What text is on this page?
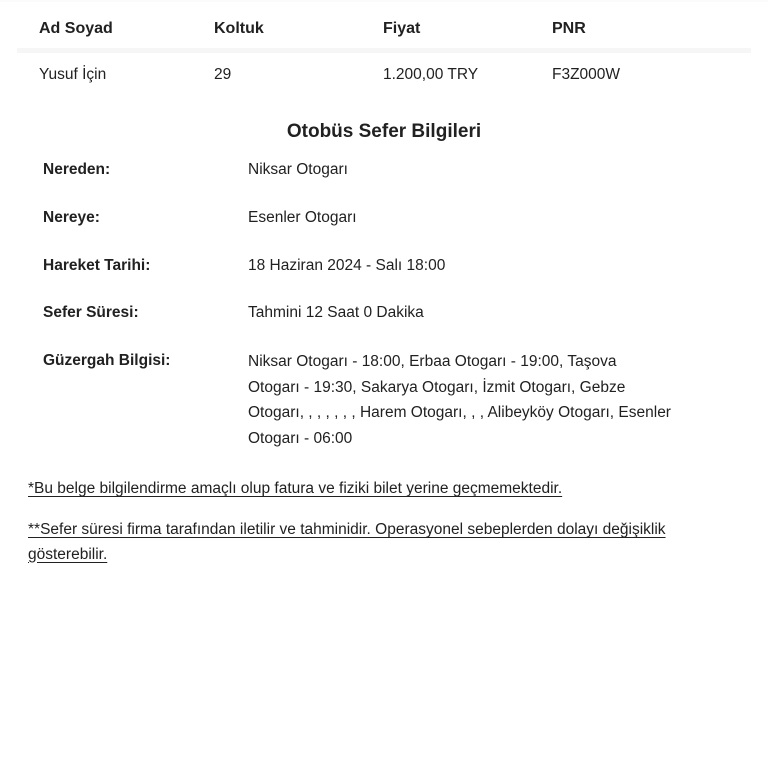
Ad Soyad	Koltuk	Fiyat	PNR
Yusuf İçin	29	1.200,00 TRY	F3Z000W
Otobüs Sefer Bilgileri
Nereden:	Niksar Otogarı
Nereye:	Esenler Otogarı
Hareket Tarihi:	18 Haziran 2024 - Salı 18:00
Sefer Süresi:	Tahmini 12 Saat 0 Dakika
Güzergah Bilgisi:	Niksar Otogarı - 18:00, Erbaa Otogarı - 19:00, Taşova Otogarı - 19:30, Sakarya Otogarı, İzmit Otogarı, Gebze Otogarı, , , , , , , Harem Otogarı, , , Alibeyköy Otogarı, Esenler Otogarı - 06:00
*Bu belge bilgilendirme amaçlı olup fatura ve fiziki bilet yerine geçmemektedir.
**Sefer süresi firma tarafından iletilir ve tahminidir. Operasyonel sebeplerden dolayı değişiklik gösterebilir.
